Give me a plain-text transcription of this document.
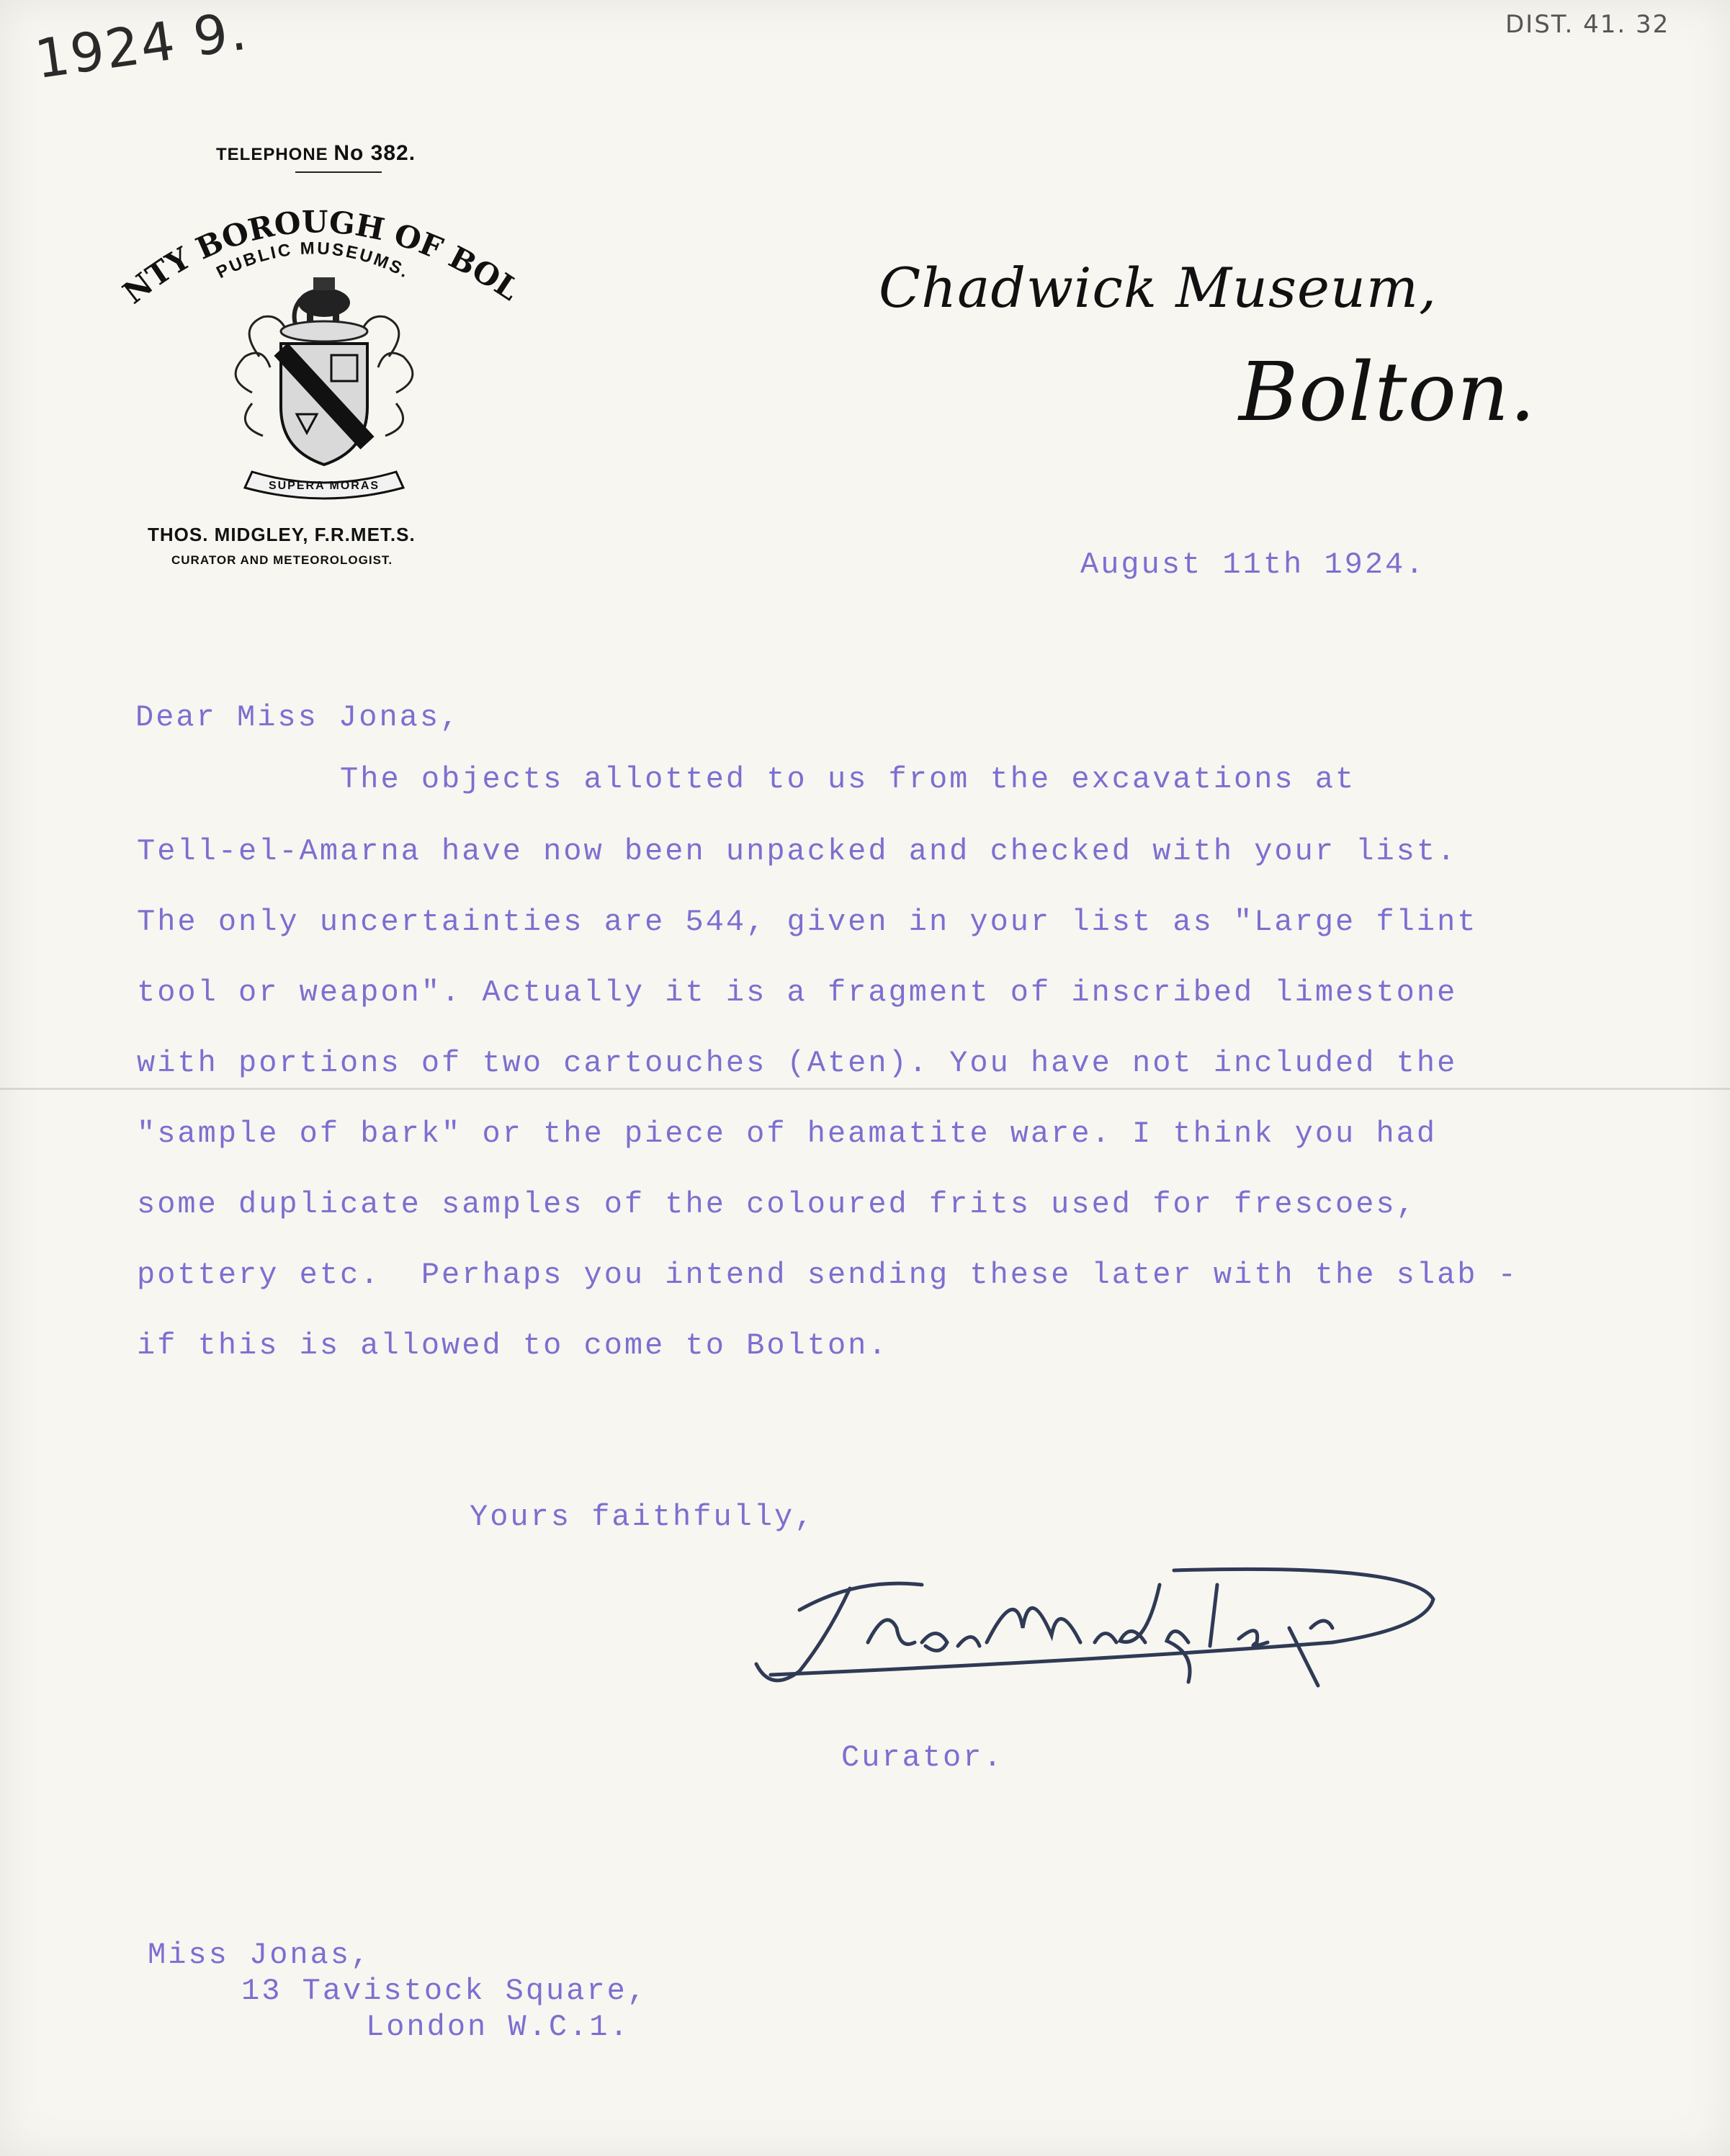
1924 9.	DIST. 41. 32
TELEPHONE No 382.
NTY BOROUGH OF BOL
PUBLIC MUSEUMS.
SUPERA MORAS
THOS. MIDGLEY, F.R.MET.S.
CURATOR AND METEOROLOGIST.
Chadwick Museum,
Bolton.
August 11th 1924.
Dear Miss Jonas,
The objects allotted to us from the excavations at
Tell-el-Amarna have now been unpacked and checked with your list.
The only uncertainties are 544, given in your list as "Large flint
tool or weapon". Actually it is a fragment of inscribed limestone
with portions of two cartouches (Aten). You have not included the
"sample of bark" or the piece of heamatite ware. I think you had
some duplicate samples of the coloured frits used for frescoes,
pottery etc.  Perhaps you intend sending these later with the slab -
if this is allowed to come to Bolton.
Yours faithfully,
Thos Midgley
Curator.
Miss Jonas,
13 Tavistock Square,
London W.C.1.
